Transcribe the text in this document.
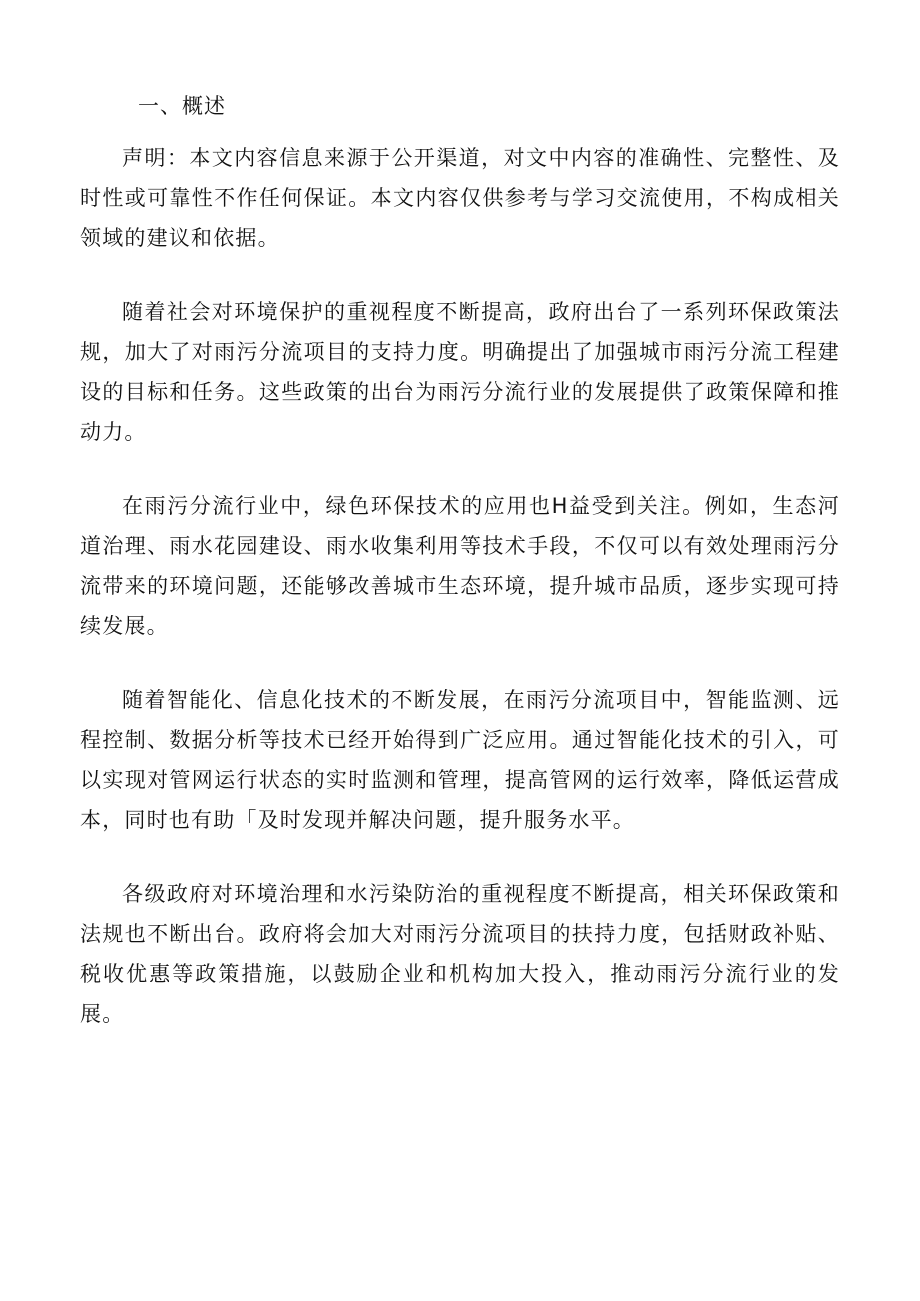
一、概述

声明：本文内容信息来源于公开渠道，对文中内容的准确性、完整性、及时性或可靠性不作任何保证。本文内容仅供参考与学习交流使用，不构成相关领域的建议和依据。

随着社会对环境保护的重视程度不断提高，政府出台了一系列环保政策法规，加大了对雨污分流项目的支持力度。明确提出了加强城市雨污分流工程建设的目标和任务。这些政策的出台为雨污分流行业的发展提供了政策保障和推动力。

在雨污分流行业中，绿色环保技术的应用也H益受到关注。例如，生态河道治理、雨水花园建设、雨水收集利用等技术手段，不仅可以有效处理雨污分流带来的环境问题，还能够改善城市生态环境，提升城市品质，逐步实现可持续发展。

随着智能化、信息化技术的不断发展，在雨污分流项目中，智能监测、远程控制、数据分析等技术已经开始得到广泛应用。通过智能化技术的引入，可以实现对管网运行状态的实时监测和管理，提高管网的运行效率，降低运营成本，同时也有助「及时发现并解决问题，提升服务水平。

各级政府对环境治理和水污染防治的重视程度不断提高，相关环保政策和法规也不断出台。政府将会加大对雨污分流项目的扶持力度，包括财政补贴、税收优惠等政策措施，以鼓励企业和机构加大投入，推动雨污分流行业的发展。
